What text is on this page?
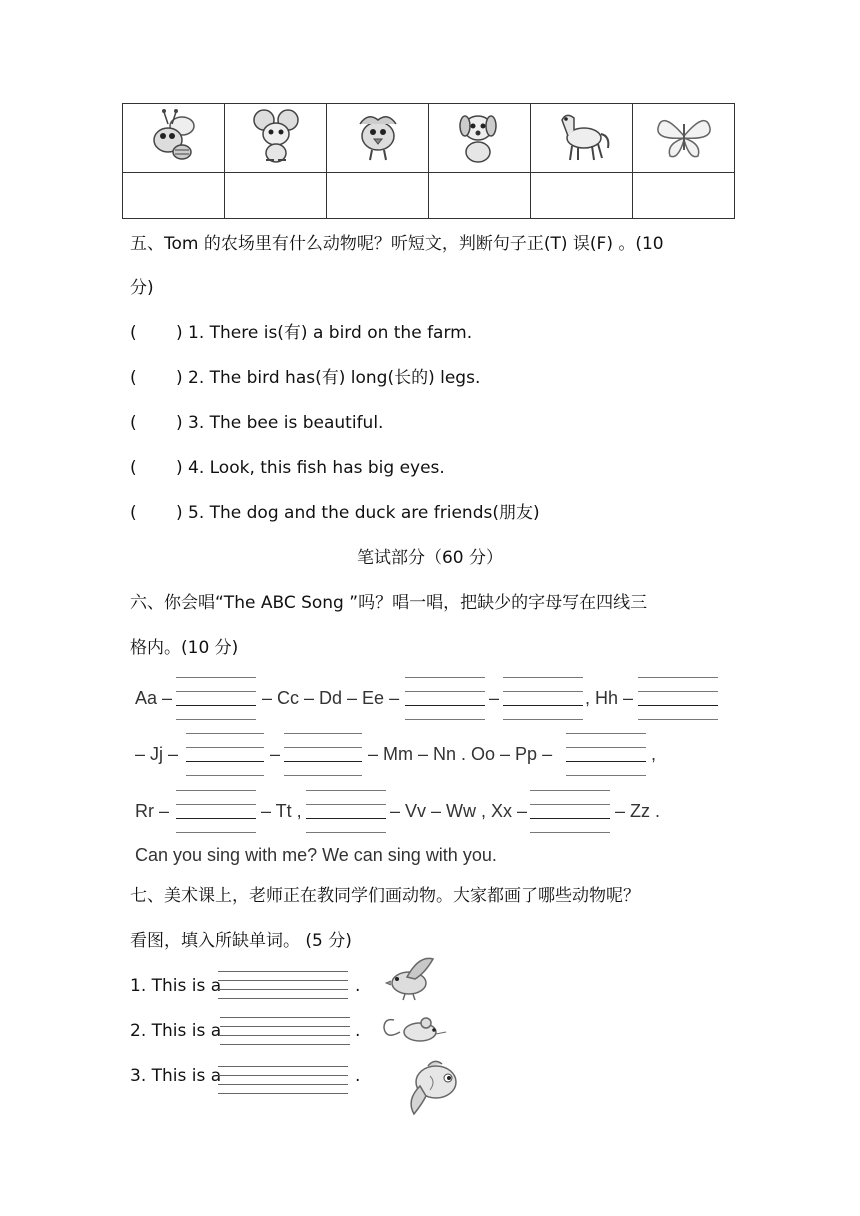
五、Tom 的农场里有什么动物呢？听短文，判断句子正(T) 误(F) 。(10
分)
( ) 1. There is(有) a bird on the farm.
( ) 2. The bird has(有) long(长的) legs.
( ) 3. The bee is beautiful.
( ) 4. Look, this fish has big eyes.
( ) 5. The dog and the duck are friends(朋友)
笔试部分（60 分）
六、你会唱“The ABC Song ”吗？唱一唱，把缺少的字母写在四线三
格内。(10 分)
Aa –	– Cc – Dd – Ee –	–	, Hh –
– Jj –	–	– Mm – Nn . Oo – Pp –	,
Rr –	– Tt ,	– Vv – Ww , Xx –	– Zz .
Can you sing with me? We can sing with you.
七、美术课上，老师正在教同学们画动物。大家都画了哪些动物呢？
看图，填入所缺单词。 (5 分)
1. This is a	.
2. This is a	.
3. This is a	.
